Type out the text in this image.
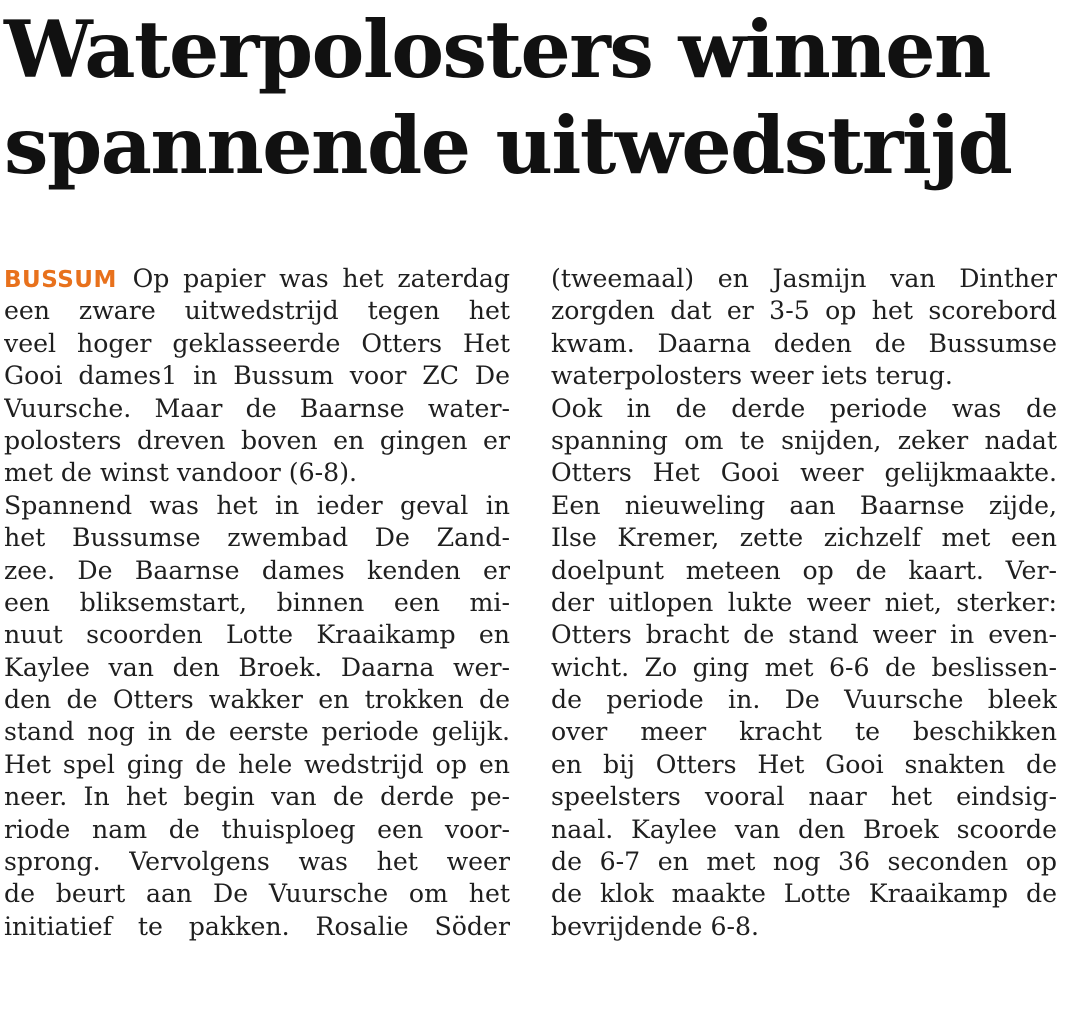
Waterpolosters winnen
spannende uitwedstrijd
BUSSUM Op papier was het zaterdag
een zware uitwedstrijd tegen het
veel hoger geklasseerde Otters Het
Gooi dames1 in Bussum voor ZC De
Vuursche. Maar de Baarnse water-
polosters dreven boven en gingen er
met de winst vandoor (6-8).
Spannend was het in ieder geval in
het Bussumse zwembad De Zand-
zee. De Baarnse dames kenden er
een bliksemstart, binnen een mi-
nuut scoorden Lotte Kraaikamp en
Kaylee van den Broek. Daarna wer-
den de Otters wakker en trokken de
stand nog in de eerste periode gelijk.
Het spel ging de hele wedstrijd op en
neer. In het begin van de derde pe-
riode nam de thuisploeg een voor-
sprong. Vervolgens was het weer
de beurt aan De Vuursche om het
initiatief te pakken. Rosalie Söder
(tweemaal) en Jasmijn van Dinther
zorgden dat er 3-5 op het scorebord
kwam. Daarna deden de Bussumse
waterpolosters weer iets terug.
Ook in de derde periode was de
spanning om te snijden, zeker nadat
Otters Het Gooi weer gelijkmaakte.
Een nieuweling aan Baarnse zijde,
Ilse Kremer, zette zichzelf met een
doelpunt meteen op de kaart. Ver-
der uitlopen lukte weer niet, sterker:
Otters bracht de stand weer in even-
wicht. Zo ging met 6-6 de beslissen-
de periode in. De Vuursche bleek
over meer kracht te beschikken
en bij Otters Het Gooi snakten de
speelsters vooral naar het eindsig-
naal. Kaylee van den Broek scoorde
de 6-7 en met nog 36 seconden op
de klok maakte Lotte Kraaikamp de
bevrijdende 6-8.
